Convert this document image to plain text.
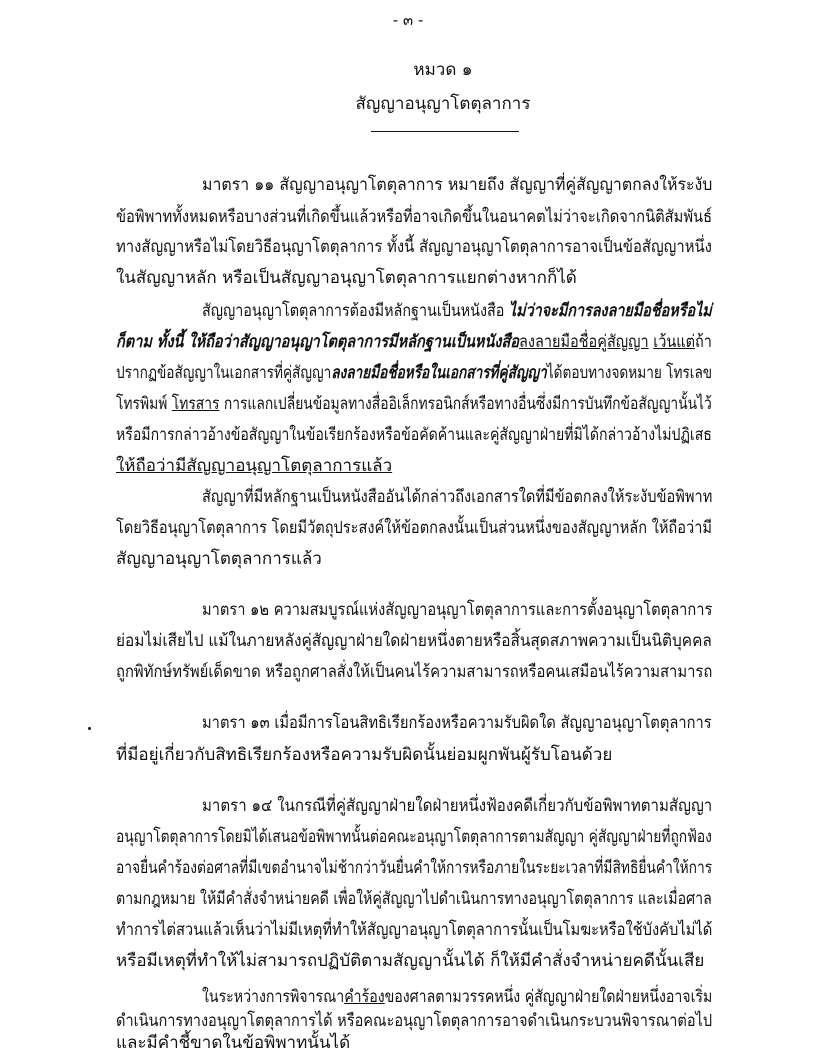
- ๓ -
หมวด ๑
สัญญาอนุญาโตตุลาการ
มาตรา ๑๑ สัญญาอนุญาโตตุลาการ หมายถึง สัญญาที่คู่สัญญาตกลงให้ระงับ
ข้อพิพาททั้งหมดหรือบางส่วนที่เกิดขึ้นแล้วหรือที่อาจเกิดขึ้นในอนาคตไม่ว่าจะเกิดจากนิติสัมพันธ์
ทางสัญญาหรือไม่โดยวิธีอนุญาโตตุลาการ ทั้งนี้ สัญญาอนุญาโตตุลาการอาจเป็นข้อสัญญาหนึ่ง
ในสัญญาหลัก หรือเป็นสัญญาอนุญาโตตุลาการแยกต่างหากก็ได้
สัญญาอนุญาโตตุลาการต้องมีหลักฐานเป็นหนังสือ ไม่ว่าจะมีการลงลายมือชื่อหรือไม่
ก็ตาม ทั้งนี้ ให้ถือว่าสัญญาอนุญาโตตุลาการมีหลักฐานเป็นหนังสือลงลายมือชื่อคู่สัญญา เว้นแต่ถ้า
ปรากฏข้อสัญญาในเอกสารที่คู่สัญญาลงลายมือชื่อหรือในเอกสารที่คู่สัญญาได้ตอบทางจดหมาย โทรเลข
โทรพิมพ์ โทรสาร การแลกเปลี่ยนข้อมูลทางสื่ออิเล็กทรอนิกส์หรือทางอื่นซึ่งมีการบันทึกข้อสัญญานั้นไว้
หรือมีการกล่าวอ้างข้อสัญญาในข้อเรียกร้องหรือข้อคัดค้านและคู่สัญญาฝ่ายที่มิได้กล่าวอ้างไม่ปฏิเสธ
ให้ถือว่ามีสัญญาอนุญาโตตุลาการแล้ว
สัญญาที่มีหลักฐานเป็นหนังสืออันได้กล่าวถึงเอกสารใดที่มีข้อตกลงให้ระงับข้อพิพาท
โดยวิธีอนุญาโตตุลาการ โดยมีวัตถุประสงค์ให้ข้อตกลงนั้นเป็นส่วนหนึ่งของสัญญาหลัก ให้ถือว่ามี
สัญญาอนุญาโตตุลาการแล้ว
มาตรา ๑๒ ความสมบูรณ์แห่งสัญญาอนุญาโตตุลาการและการตั้งอนุญาโตตุลาการ
ย่อมไม่เสียไป แม้ในภายหลังคู่สัญญาฝ่ายใดฝ่ายหนึ่งตายหรือสิ้นสุดสภาพความเป็นนิติบุคคล
ถูกพิทักษ์ทรัพย์เด็ดขาด หรือถูกศาลสั่งให้เป็นคนไร้ความสามารถหรือคนเสมือนไร้ความสามารถ
มาตรา ๑๓ เมื่อมีการโอนสิทธิเรียกร้องหรือความรับผิดใด สัญญาอนุญาโตตุลาการ
ที่มีอยู่เกี่ยวกับสิทธิเรียกร้องหรือความรับผิดนั้นย่อมผูกพันผู้รับโอนด้วย
มาตรา ๑๔ ในกรณีที่คู่สัญญาฝ่ายใดฝ่ายหนึ่งฟ้องคดีเกี่ยวกับข้อพิพาทตามสัญญา
อนุญาโตตุลาการโดยมิได้เสนอข้อพิพาทนั้นต่อคณะอนุญาโตตุลาการตามสัญญา คู่สัญญาฝ่ายที่ถูกฟ้อง
อาจยื่นคำร้องต่อศาลที่มีเขตอำนาจไม่ช้ากว่าวันยื่นคำให้การหรือภายในระยะเวลาที่มีสิทธิยื่นคำให้การ
ตามกฎหมาย ให้มีคำสั่งจำหน่ายคดี เพื่อให้คู่สัญญาไปดำเนินการทางอนุญาโตตุลาการ และเมื่อศาล
ทำการไต่สวนแล้วเห็นว่าไม่มีเหตุที่ทำให้สัญญาอนุญาโตตุลาการนั้นเป็นโมฆะหรือใช้บังคับไม่ได้
หรือมีเหตุที่ทำให้ไม่สามารถปฏิบัติตามสัญญานั้นได้ ก็ให้มีคำสั่งจำหน่ายคดีนั้นเสีย
ในระหว่างการพิจารณาคำร้องของศาลตามวรรคหนึ่ง คู่สัญญาฝ่ายใดฝ่ายหนึ่งอาจเริ่ม
ดำเนินการทางอนุญาโตตุลาการได้ หรือคณะอนุญาโตตุลาการอาจดำเนินกระบวนพิจารณาต่อไป
และมีคำชี้ขาดในข้อพิพาทนั้นได้
